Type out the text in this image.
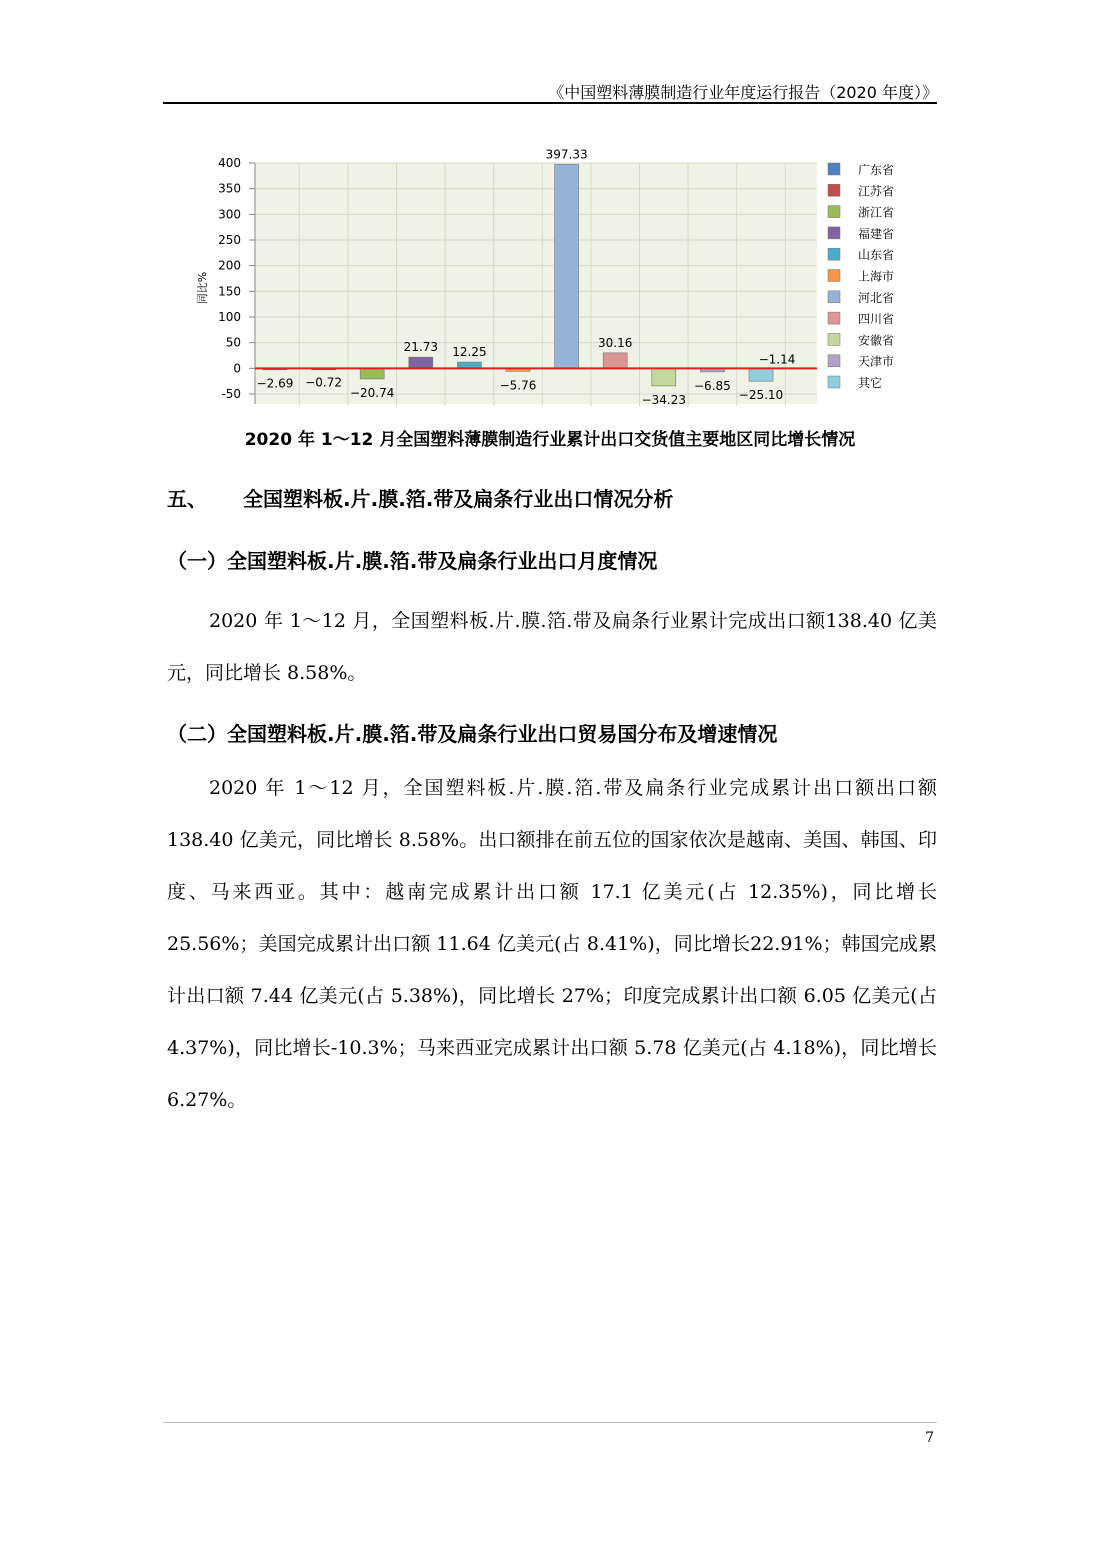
《中国塑料薄膜制造行业年度运行报告（2020 年度）》
400
350
300
250
200
150
100
50
0
-50
−2.69 −0.72
−20.74
21.73 12.25
−5.76
397.33
30.16
−34.23
−6.85
−25.10
−1.14
广东省
江苏省
浙江省
福建省
山东省
上海市
河北省
四川省
安徽省
天津市
其它
同比%
2020 年 1～12 月全国塑料薄膜制造行业累计出口交货值主要地区同比增长情况
五、 全国塑料板.片.膜.箔.带及扁条行业出口情况分析
（一）全国塑料板.片.膜.箔.带及扁条行业出口月度情况
2020 年 1～12 月，全国塑料板.片.膜.箔.带及扁条行业累计完成出口额138.40 亿美元，同比增长 8.58%。
（二）全国塑料板.片.膜.箔.带及扁条行业出口贸易国分布及增速情况
2020 年 1～12 月，全国塑料板.片.膜.箔.带及扁条行业完成累计出口额出口额 138.40 亿美元，同比增长 8.58%。出口额排在前五位的国家依次是越南、美国、韩国、印度、马来西亚。其中：越南完成累计出口额 17.1 亿美元(占 12.35%)，同比增长 25.56%；美国完成累计出口额 11.64 亿美元(占 8.41%)，同比增长22.91%；韩国完成累计出口额 7.44 亿美元(占 5.38%)，同比增长 27%；印度完成累计出口额 6.05 亿美元(占 4.37%)，同比增长-10.3%；马来西亚完成累计出口额 5.78 亿美元(占 4.18%)，同比增长 6.27%。
7
